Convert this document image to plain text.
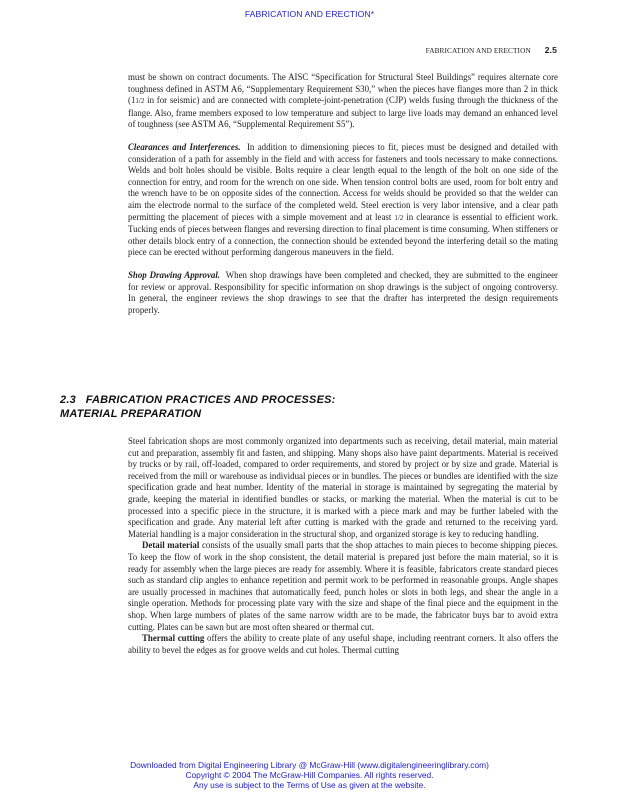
FABRICATION AND ERECTION*
FABRICATION AND ERECTION 2.5

must be shown on contract documents. The AISC “Specification for Structural Steel Buildings” requires alternate core toughness defined in ASTM A6, “Supplementary Requirement S30,” when the pieces have flanges more than 2 in thick (11/2 in for seismic) and are connected with complete-joint-penetration (CJP) welds fusing through the thickness of the flange. Also, frame members exposed to low temperature and subject to large live loads may demand an enhanced level of toughness (see ASTM A6, “Supplemental Requirement S5”).

Clearances and Interferences. In addition to dimensioning pieces to fit, pieces must be designed and detailed with consideration of a path for assembly in the field and with access for fasteners and tools necessary to make connections. Welds and bolt holes should be visible. Bolts require a clear length equal to the length of the bolt on one side of the connection for entry, and room for the wrench on one side. When tension control bolts are used, room for bolt entry and the wrench have to be on opposite sides of the connection. Access for welds should be provided so that the welder can aim the electrode normal to the surface of the completed weld. Steel erection is very labor intensive, and a clear path permitting the placement of pieces with a simple movement and at least 1/2 in clearance is essential to efficient work. Tucking ends of pieces between flanges and reversing direction to final placement is time consuming. When stiffeners or other details block entry of a connection, the connection should be extended beyond the interfering detail so the mating piece can be erected without performing dangerous maneuvers in the field.

Shop Drawing Approval. When shop drawings have been completed and checked, they are submitted to the engineer for review or approval. Responsibility for specific information on shop drawings is the subject of ongoing controversy. In general, the engineer reviews the shop drawings to see that the drafter has interpreted the design requirements properly.

2.3 FABRICATION PRACTICES AND PROCESSES:
MATERIAL PREPARATION

Steel fabrication shops are most commonly organized into departments such as receiving, detail material, main material cut and preparation, assembly fit and fasten, and shipping. Many shops also have paint departments. Material is received by trucks or by rail, off-loaded, compared to order requirements, and stored by project or by size and grade. Material is received from the mill or warehouse as individual pieces or in bundles. The pieces or bundles are identified with the size specification grade and heat number. Identity of the material in storage is maintained by segregating the material by grade, keeping the material in identified bundles or stacks, or marking the material. When the material is cut to be processed into a specific piece in the structure, it is marked with a piece mark and may be further labeled with the specification and grade. Any material left after cutting is marked with the grade and returned to the receiving yard. Material handling is a major consideration in the structural shop, and organized storage is key to reducing handling.

Detail material consists of the usually small parts that the shop attaches to main pieces to become shipping pieces. To keep the flow of work in the shop consistent, the detail material is prepared just before the main material, so it is ready for assembly when the large pieces are ready for assembly. Where it is feasible, fabricators create standard pieces such as standard clip angles to enhance repetition and permit work to be performed in reasonable groups. Angle shapes are usually processed in machines that automatically feed, punch holes or slots in both legs, and shear the angle in a single operation. Methods for processing plate vary with the size and shape of the final piece and the equipment in the shop. When large numbers of plates of the same narrow width are to be made, the fabricator buys bar to avoid extra cutting. Plates can be sawn but are most often sheared or thermal cut.

Thermal cutting offers the ability to create plate of any useful shape, including reentrant corners. It also offers the ability to bevel the edges as for groove welds and cut holes. Thermal cutting

Downloaded from Digital Engineering Library @ McGraw-Hill (www.digitalengineeringlibrary.com)
Copyright © 2004 The McGraw-Hill Companies. All rights reserved.
Any use is subject to the Terms of Use as given at the website.
